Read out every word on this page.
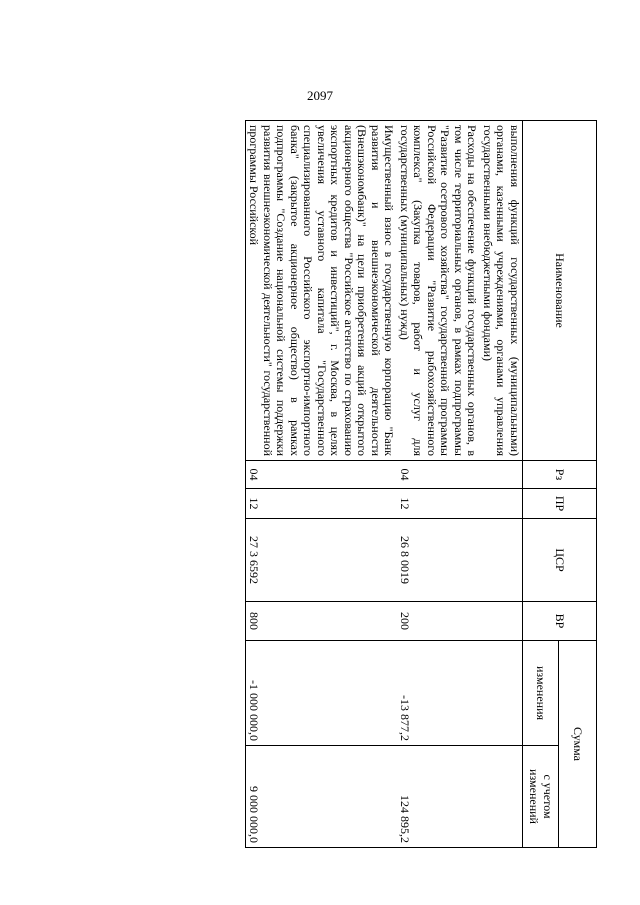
2097
Наименование	Рз	ПР	ЦСР	ВР	Сумма	
					изменения	с учетом изменений
выполнения функций государственных (муниципальными) органами, казенными учреждениями, органами управления государственными внебюджетными фондами)						
Расходы на обеспечение функций государственных органов, в том числе территориальных органов, в рамках подпрограммы "Развитие осетрового хозяйства" государственной программы Российской Федерации "Развитие рыбохозяйственного комплекса" (Закупка товаров, работ и услуг для государственных (муниципальных) нужд)	04	12	26 8 0019	200	-13 877,2	124 895,2
Имущественный взнос в государственную корпорацию "Банк развития и внешнеэкономической деятельности (Внешэкономбанк)" на цели приобретения акций открытого акционерного общества "Российское агентство по страхованию экспортных кредитов и инвестиций", г. Москва, в целях увеличения уставного капитала "Государственного специализированного Российского экспортно-импортного банка" (закрытое акционерное общество) в рамках подпрограммы "Создание национальной системы поддержки развития внешнеэкономической деятельности" государственной программы Российской	04	12	27 3 6592	800	-1 000 000,0	9 000 000,0
